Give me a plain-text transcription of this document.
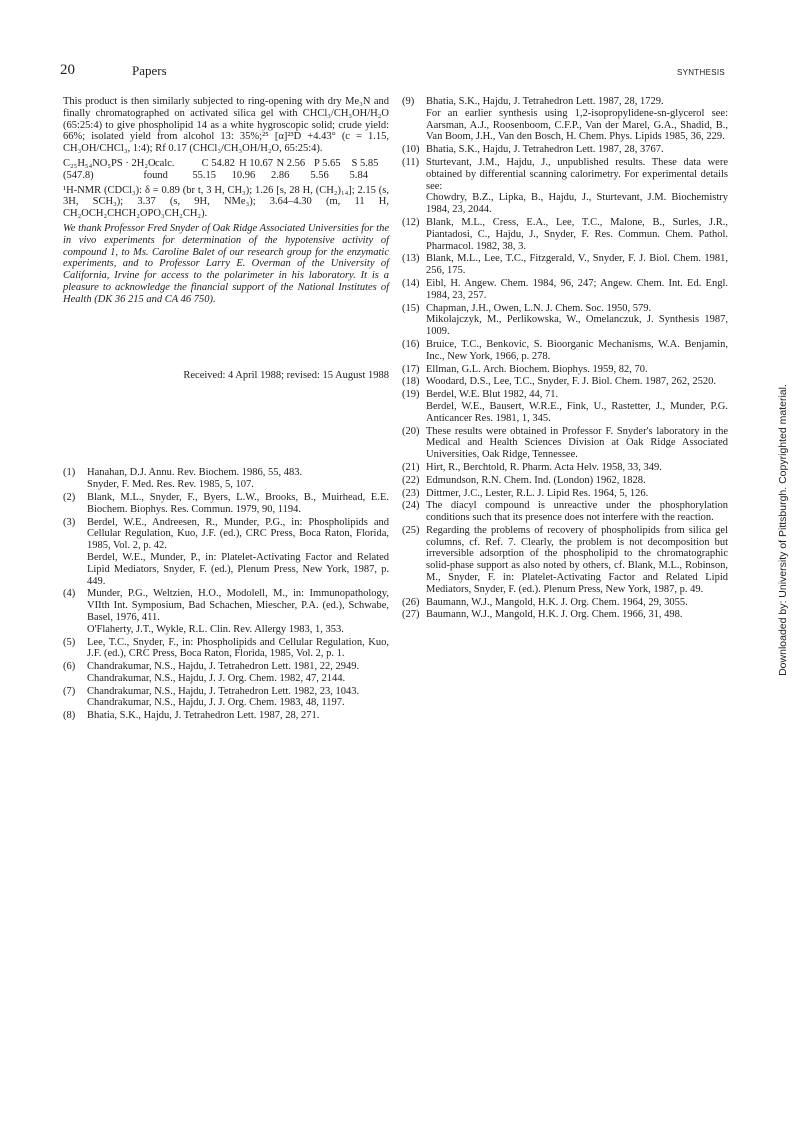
20	Papers	SYNTHESIS

This product is then similarly subjected to ring-opening with dry Me₃N and finally chromatographed on activated silica gel with CHCl₃/CH₃OH/H₂O (65:25:4) to give phospholipid 14 as a white hygroscopic solid; crude yield: 66%; isolated yield from alcohol 13: 35%;²⁵ [α]²³D +4.43° (c = 1.15, CH₃OH/CHCl₃, 1:4); Rf 0.17 (CHCl₃/CH₃OH/H₂O, 65:25:4).

C₂₅H₅₄NO₅PS · 2H₂O calc.	C 54.82 H 10.67 N 2.56 P 5.65	S 5.85
(547.8)	found	55.15	10.96	2.86	5.56	5.84

¹H-NMR (CDCl₃): δ = 0.89 (br t, 3 H, CH₃); 1.26 [s, 28 H, (CH₂)₁₄]; 2.15 (s, 3H, SCH₃); 3.37 (s, 9H, NMe₃); 3.64–4.30 (m, 11 H, CH₂OCH₂CHCH₂OPO₃CH₂CH₂).

We thank Professor Fred Snyder of Oak Ridge Associated Universities for the in vivo experiments for determination of the hypotensive activity of compound 1, to Ms. Caroline Balet of our research group for the enzymatic experiments, and to Professor Larry E. Overman of the University of California, Irvine for access to the polarimeter in his laboratory. It is a pleasure to acknowledge the financial support of the National Institutes of Health (DK 36 215 and CA 46 750).

Received: 4 April 1988; revised: 15 August 1988

(1)	Hanahan, D.J. Annu. Rev. Biochem. 1986, 55, 483.
Snyder, F. Med. Res. Rev. 1985, 5, 107.
(2)	Blank, M.L., Snyder, F., Byers, L.W., Brooks, B., Muirhead, E.E. Biochem. Biophys. Res. Commun. 1979, 90, 1194.
(3)	Berdel, W.E., Andreesen, R., Munder, P.G., in: Phospholipids and Cellular Regulation, Kuo, J.F. (ed.), CRC Press, Boca Raton, Florida, 1985, Vol. 2, p. 42.
Berdel, W.E., Munder, P., in: Platelet-Activating Factor and Related Lipid Mediators, Snyder, F. (ed.), Plenum Press, New York, 1987, p. 449.
(4)	Munder, P.G., Weltzien, H.O., Modolell, M., in: Immunopathology, VIIth Int. Symposium, Bad Schachen, Miescher, P.A. (ed.), Schwabe, Basel, 1976, 411.
O'Flaherty, J.T., Wykle, R.L. Clin. Rev. Allergy 1983, 1, 353.
(5)	Lee, T.C., Snyder, F., in: Phospholipids and Cellular Regulation, Kuo, J.F. (ed.), CRC Press, Boca Raton, Florida, 1985, Vol. 2, p. 1.
(6)	Chandrakumar, N.S., Hajdu, J. Tetrahedron Lett. 1981, 22, 2949.
Chandrakumar, N.S., Hajdu, J. J. Org. Chem. 1982, 47, 2144.
(7)	Chandrakumar, N.S., Hajdu, J. Tetrahedron Lett. 1982, 23, 1043.
Chandrakumar, N.S., Hajdu, J. J. Org. Chem. 1983, 48, 1197.
(8)	Bhatia, S.K., Hajdu, J. Tetrahedron Lett. 1987, 28, 271.
(9)	Bhatia, S.K., Hajdu, J. Tetrahedron Lett. 1987, 28, 1729.
For an earlier synthesis using 1,2-isopropylidene-sn-glycerol see: Aarsman, A.J., Roosenboom, C.F.P., Van der Marel, G.A., Shadid, B., Van Boom, J.H., Van den Bosch, H. Chem. Phys. Lipids 1985, 36, 229.
(10) Bhatia, S.K., Hajdu, J. Tetrahedron Lett. 1987, 28, 3767.
(11) Sturtevant, J.M., Hajdu, J., unpublished results. These data were obtained by differential scanning calorimetry. For experimental details see:
Chowdry, B.Z., Lipka, B., Hajdu, J., Sturtevant, J.M. Biochemistry 1984, 23, 2044.
(12) Blank, M.L., Cress, E.A., Lee, T.C., Malone, B., Surles, J.R., Piantadosi, C., Hajdu, J., Snyder, F. Res. Commun. Chem. Pathol. Pharmacol. 1982, 38, 3.
(13) Blank, M.L., Lee, T.C., Fitzgerald, V., Snyder, F. J. Biol. Chem. 1981, 256, 175.
(14) Eibl, H. Angew. Chem. 1984, 96, 247; Angew. Chem. Int. Ed. Engl. 1984, 23, 257.
(15) Chapman, J.H., Owen, L.N. J. Chem. Soc. 1950, 579.
Mikolajczyk, M., Perlikowska, W., Omelanczuk, J. Synthesis 1987, 1009.
(16) Bruice, T.C., Benkovic, S. Bioorganic Mechanisms, W.A. Benjamin, Inc., New York, 1966, p. 278.
(17) Ellman, G.L. Arch. Biochem. Biophys. 1959, 82, 70.
(18) Woodard, D.S., Lee, T.C., Snyder, F. J. Biol. Chem. 1987, 262, 2520.
(19) Berdel, W.E. Blut 1982, 44, 71.
Berdel, W.E., Bausert, W.R.E., Fink, U., Rastetter, J., Munder, P.G. Anticancer Res. 1981, 1, 345.
(20) These results were obtained in Professor F. Snyder's laboratory in the Medical and Health Sciences Division at Oak Ridge Associated Universities, Oak Ridge, Tennessee.
(21) Hirt, R., Berchtold, R. Pharm. Acta Helv. 1958, 33, 349.
(22) Edmundson, R.N. Chem. Ind. (London) 1962, 1828.
(23) Dittmer, J.C., Lester, R.L. J. Lipid Res. 1964, 5, 126.
(24) The diacyl compound is unreactive under the phosphorylation conditions such that its presence does not interfere with the reaction.
(25) Regarding the problems of recovery of phospholipids from silica gel columns, cf. Ref. 7. Clearly, the problem is not decomposition but irreversible adsorption of the phospholipid to the chromatographic solid-phase support as also noted by others, cf. Blank, M.L., Robinson, M., Snyder, F. in: Platelet-Activating Factor and Related Lipid Mediators, Snyder, F. (ed.). Plenum Press, New York, 1987, p. 49.
(26) Baumann, W.J., Mangold, H.K. J. Org. Chem. 1964, 29, 3055.
(27) Baumann, W.J., Mangold, H.K. J. Org. Chem. 1966, 31, 498.	Downloaded by: University of Pittsburgh. Copyrighted material.
